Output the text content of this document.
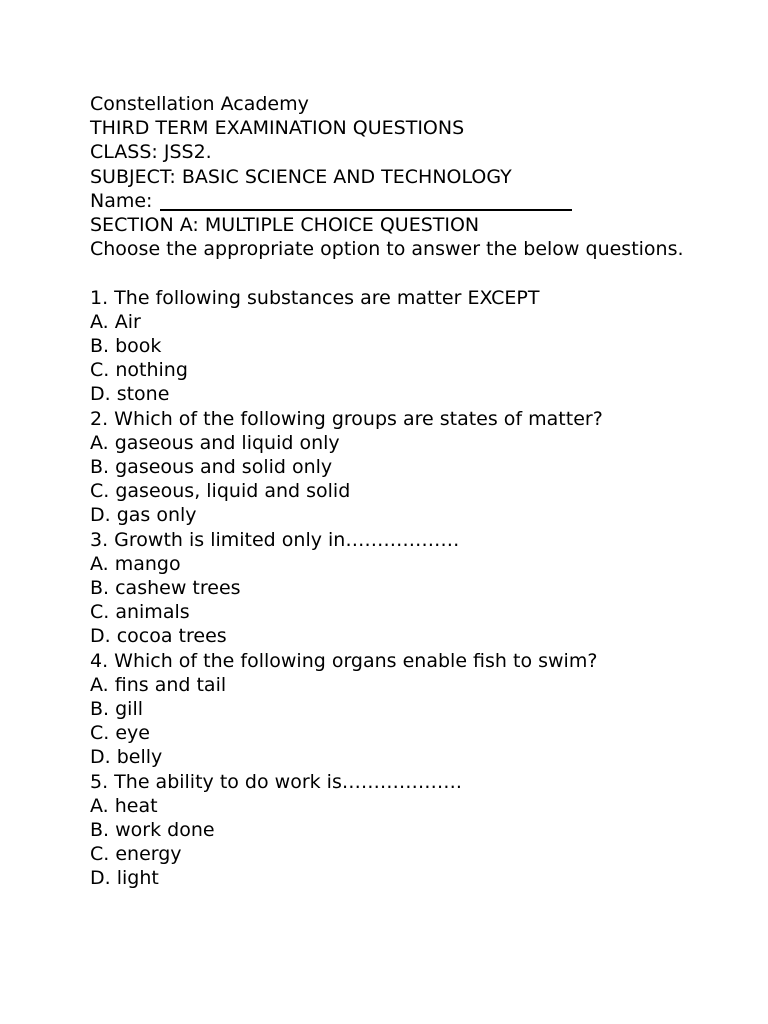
Constellation Academy
THIRD TERM EXAMINATION QUESTIONS
CLASS: JSS2.
SUBJECT: BASIC SCIENCE AND TECHNOLOGY
Name:
SECTION A: MULTIPLE CHOICE QUESTION
Choose the appropriate option to answer the below questions.
1. The following substances are matter EXCEPT
A. Air
B. book
C. nothing
D. stone
2. Which of the following groups are states of matter?
A. gaseous and liquid only
B. gaseous and solid only
C. gaseous, liquid and solid
D. gas only
3. Growth is limited only in………………
A. mango
B. cashew trees
C. animals
D. cocoa trees
4. Which of the following organs enable fish to swim?
A. fins and tail
B. gill
C. eye
D. belly
5. The ability to do work is……………….
A. heat
B. work done
C. energy
D. light
